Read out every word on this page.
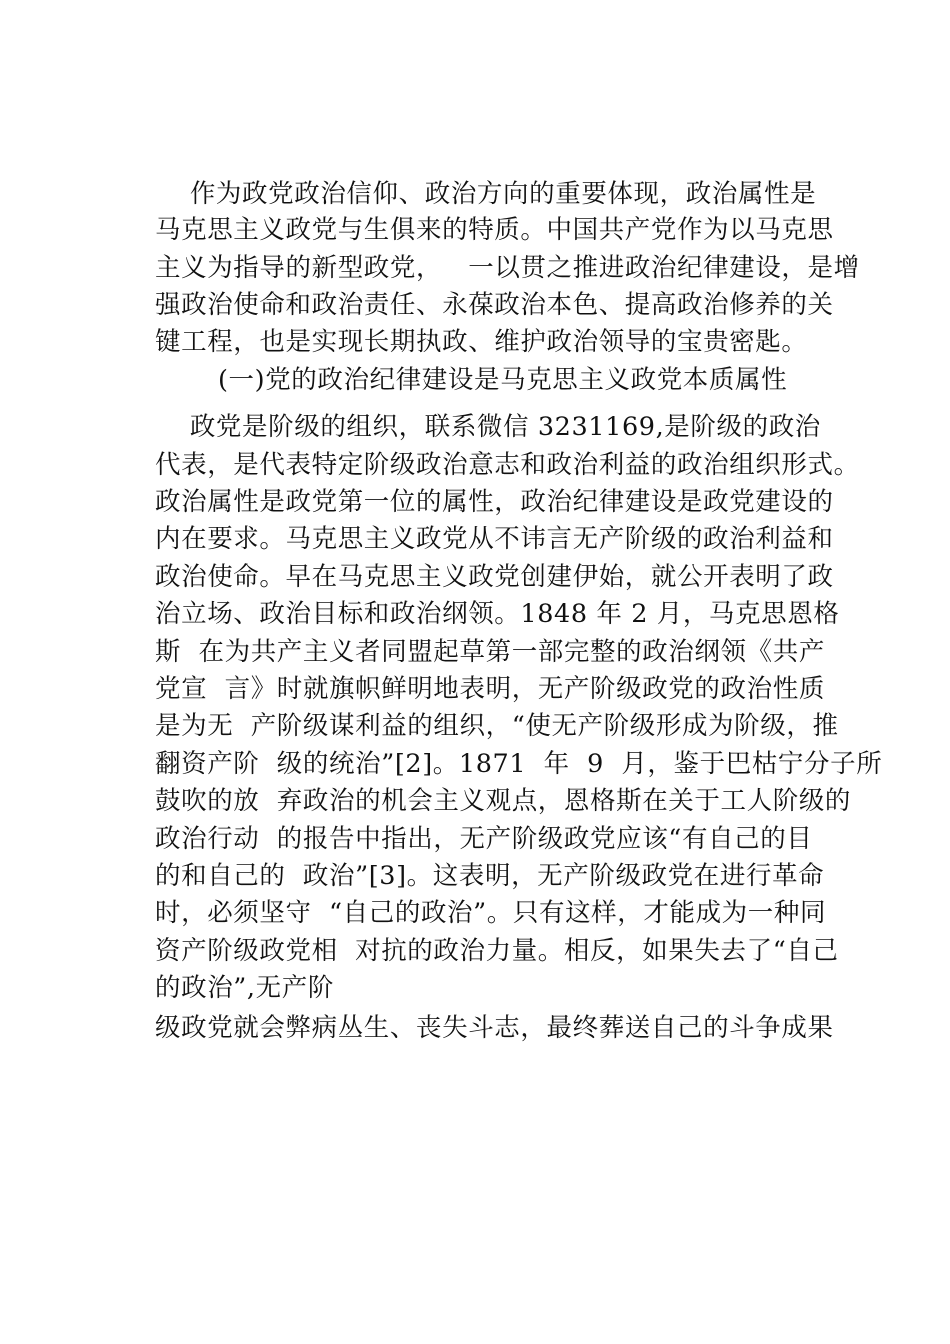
作为政党政治信仰、政治方向的重要体现，政治属性是

马克思主义政党与生俱来的特质。中国共产党作为以马克思

主义为指导的新型政党，   一以贯之推进政治纪律建设，是增

强政治使命和政治责任、永葆政治本色、提高政治修养的关

键工程，也是实现长期执政、维护政治领导的宝贵密匙。

(一)党的政治纪律建设是马克思主义政党本质属性

政党是阶级的组织，联系微信 3231169,是阶级的政治

代表，是代表特定阶级政治意志和政治利益的政治组织形式。

政治属性是政党第一位的属性，政治纪律建设是政党建设的

内在要求。马克思主义政党从不讳言无产阶级的政治利益和

政治使命。早在马克思主义政党创建伊始，就公开表明了政

治立场、政治目标和政治纲领。1848 年 2 月，马克思恩格

斯  在为共产主义者同盟起草第一部完整的政治纲领《共产

党宣  言》时就旗帜鲜明地表明，无产阶级政党的政治性质

是为无  产阶级谋利益的组织，“使无产阶级形成为阶级，推

翻资产阶  级的统治”[2]。1871  年  9  月，鉴于巴枯宁分子所

鼓吹的放  弃政治的机会主义观点，恩格斯在关于工人阶级的

政治行动  的报告中指出，无产阶级政党应该“有自己的目

的和自己的  政治”[3]。这表明，无产阶级政党在进行革命

时，必须坚守  “自己的政治”。只有这样，才能成为一种同

资产阶级政党相  对抗的政治力量。相反，如果失去了“自己

的政治”,无产阶

级政党就会弊病丛生、丧失斗志，最终葬送自己的斗争成果
